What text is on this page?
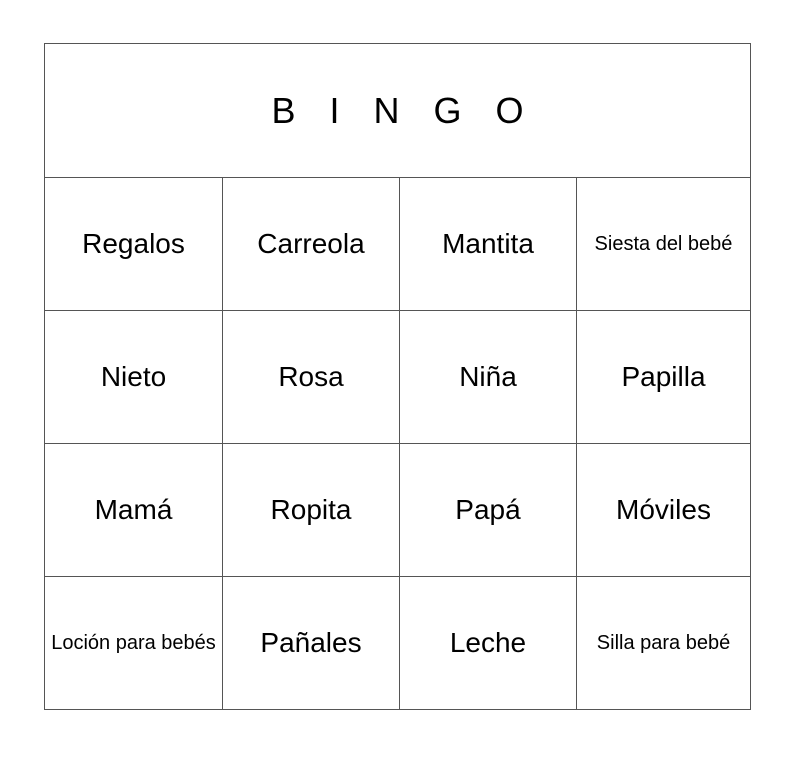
B I N G O
Regalos	Carreola	Mantita	Siesta del bebé
Nieto	Rosa	Niña	Papilla
Mamá	Ropita	Papá	Móviles
Loción para bebés	Pañales	Leche	Silla para bebé
